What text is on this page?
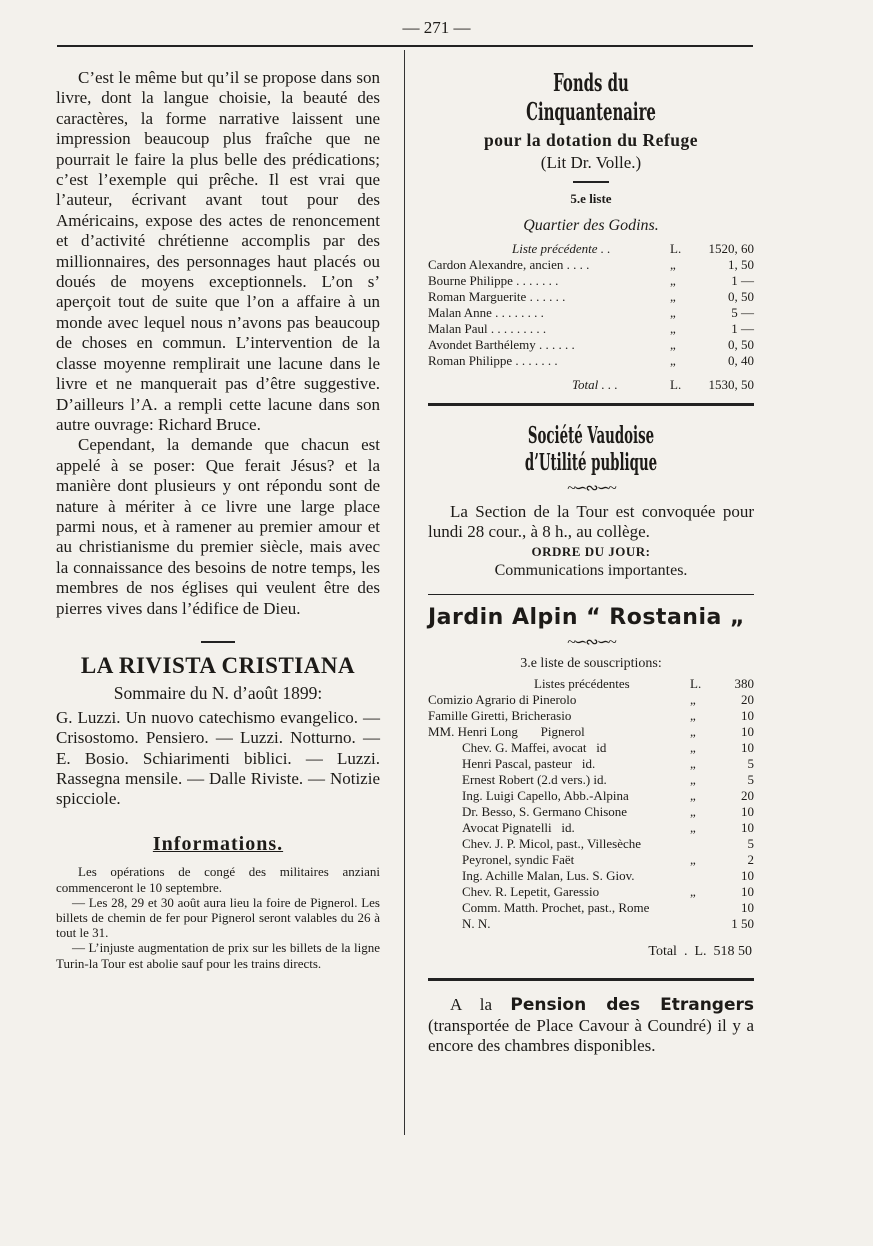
— 271 —

C’est le même but qu’il se propose dans son livre, dont la langue choisie, la beauté des caractères, la forme narrative laissent une impression beaucoup plus fraîche que ne pourrait le faire la plus belle des prédications; c’est l’exemple qui prêche. Il est vrai que l’auteur, écrivant avant tout pour des Américains, expose des actes de renoncement et d’activité chrétienne accomplis par des millionnaires, des personnages haut placés ou doués de moyens exceptionnels. L’on s’ aperçoit tout de suite que l’on a affaire à un monde avec lequel nous n’avons pas beaucoup de choses en commun. L’intervention de la classe moyenne remplirait une lacune dans le livre et ne manquerait pas d’être suggestive. D’ailleurs l’A. a rempli cette lacune dans son autre ouvrage: Richard Bruce.

Cependant, la demande que chacun est appelé à se poser: Que ferait Jésus? et la manière dont plusieurs y ont répondu sont de nature à mériter à ce livre une large place parmi nous, et à ramener au premier amour et au christianisme du premier siècle, mais avec la connaissance des besoins de notre temps, les membres de nos églises qui veulent être des pierres vives dans l’édifice de Dieu.

LA RIVISTA CRISTIANA

Sommaire du N. d’août 1899:

G. Luzzi. Un nuovo catechismo evangelico. — Crisostomo. Pensiero. — Luzzi. Notturno. — E. Bosio. Schiarimenti biblici. — Luzzi. Rassegna mensile. — Dalle Riviste. — Notizie spicciole.

Informations.

Les opérations de congé des militaires anziani commenceront le 10 septembre.

— Les 28, 29 et 30 août aura lieu la foire de Pignerol. Les billets de chemin de fer pour Pignerol seront valables du 26 à tout le 31.

— L’injuste augmentation de prix sur les billets de la ligne Turin-la Tour est abolie sauf pour les trains directs.

Fonds du Cinquantenaire

pour la dotation du Refuge

(Lit Dr. Volle.)

5.e liste

Quartier des Godins.

Liste précédente . .	L.	1520, 60
Cardon Alexandre, ancien . . . .	„	1, 50
Bourne Philippe . . . . . . .	„	1 —
Roman Marguerite . . . . . .	„	0, 50
Malan Anne . . . . . . . .	„	5 —
Malan Paul . . . . . . . . .	„	1 —
Avondet Barthélemy . . . . . .	„	0, 50
Roman Philippe . . . . . . .	„	0, 40
Total . . .	L.	1530, 50
Société Vaudoise d’Utilité publique
~∽∾∽~

La Section de la Tour est convoquée pour lundi 28 cour., à 8 h., au collège.

ORDRE DU JOUR:

Communications importantes.

Jardin Alpin “ Rostania „
~∽∾∽~

3.e liste de souscriptions:

Listes précédentes	L.	380
Comizio Agrario di Pinerolo	„	20
Famille Giretti, Bricherasio	„	10
MM. Henri Long       Pignerol	„	10
Chev. G. Maffei, avocat   id	„	10
Henri Pascal, pasteur   id.	„	5
Ernest Robert (2.d vers.) id.	„	5
Ing. Luigi Capello, Abb.-Alpina	„	20
Dr. Besso, S. Germano Chisone	„	10
Avocat Pignatelli   id.	„	10
Chev. J. P. Micol, past., Villesèche	5
Peyronel, syndic Faët	„	2
Ing. Achille Malan, Lus. S. Giov.	10
Chev. R. Lepetit, Garessio	„	10
Comm. Matth. Prochet, past., Rome	10
N. N.	1 50

Total  .  L.  518 50

A la Pension des Etrangers (transportée de Place Cavour à Coundré) il y a encore des chambres disponibles.
